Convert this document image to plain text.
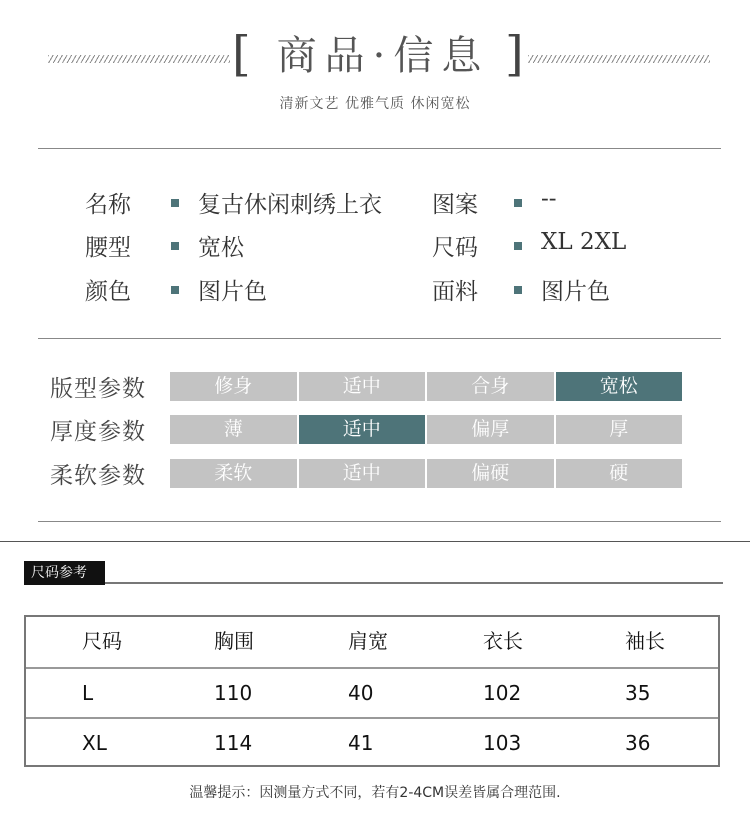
[ 商品·信息 ]
清新文艺 优雅气质 休闲宽松
名称	复古休闲刺绣上衣 图案	--
腰型	宽松	尺码	XL 2XL
颜色	图片色	面料	图片色
版型参数	修身	适中	合身	宽松
厚度参数	薄	适中	偏厚	厚
柔软参数	柔软	适中	偏硬	硬
尺码参考
尺码	胸围	肩宽	衣长	袖长
L	110	40	102	35
XL	114	41	103	36
温馨提示：因测量方式不同，若有2-4CM误差皆属合理范围.
